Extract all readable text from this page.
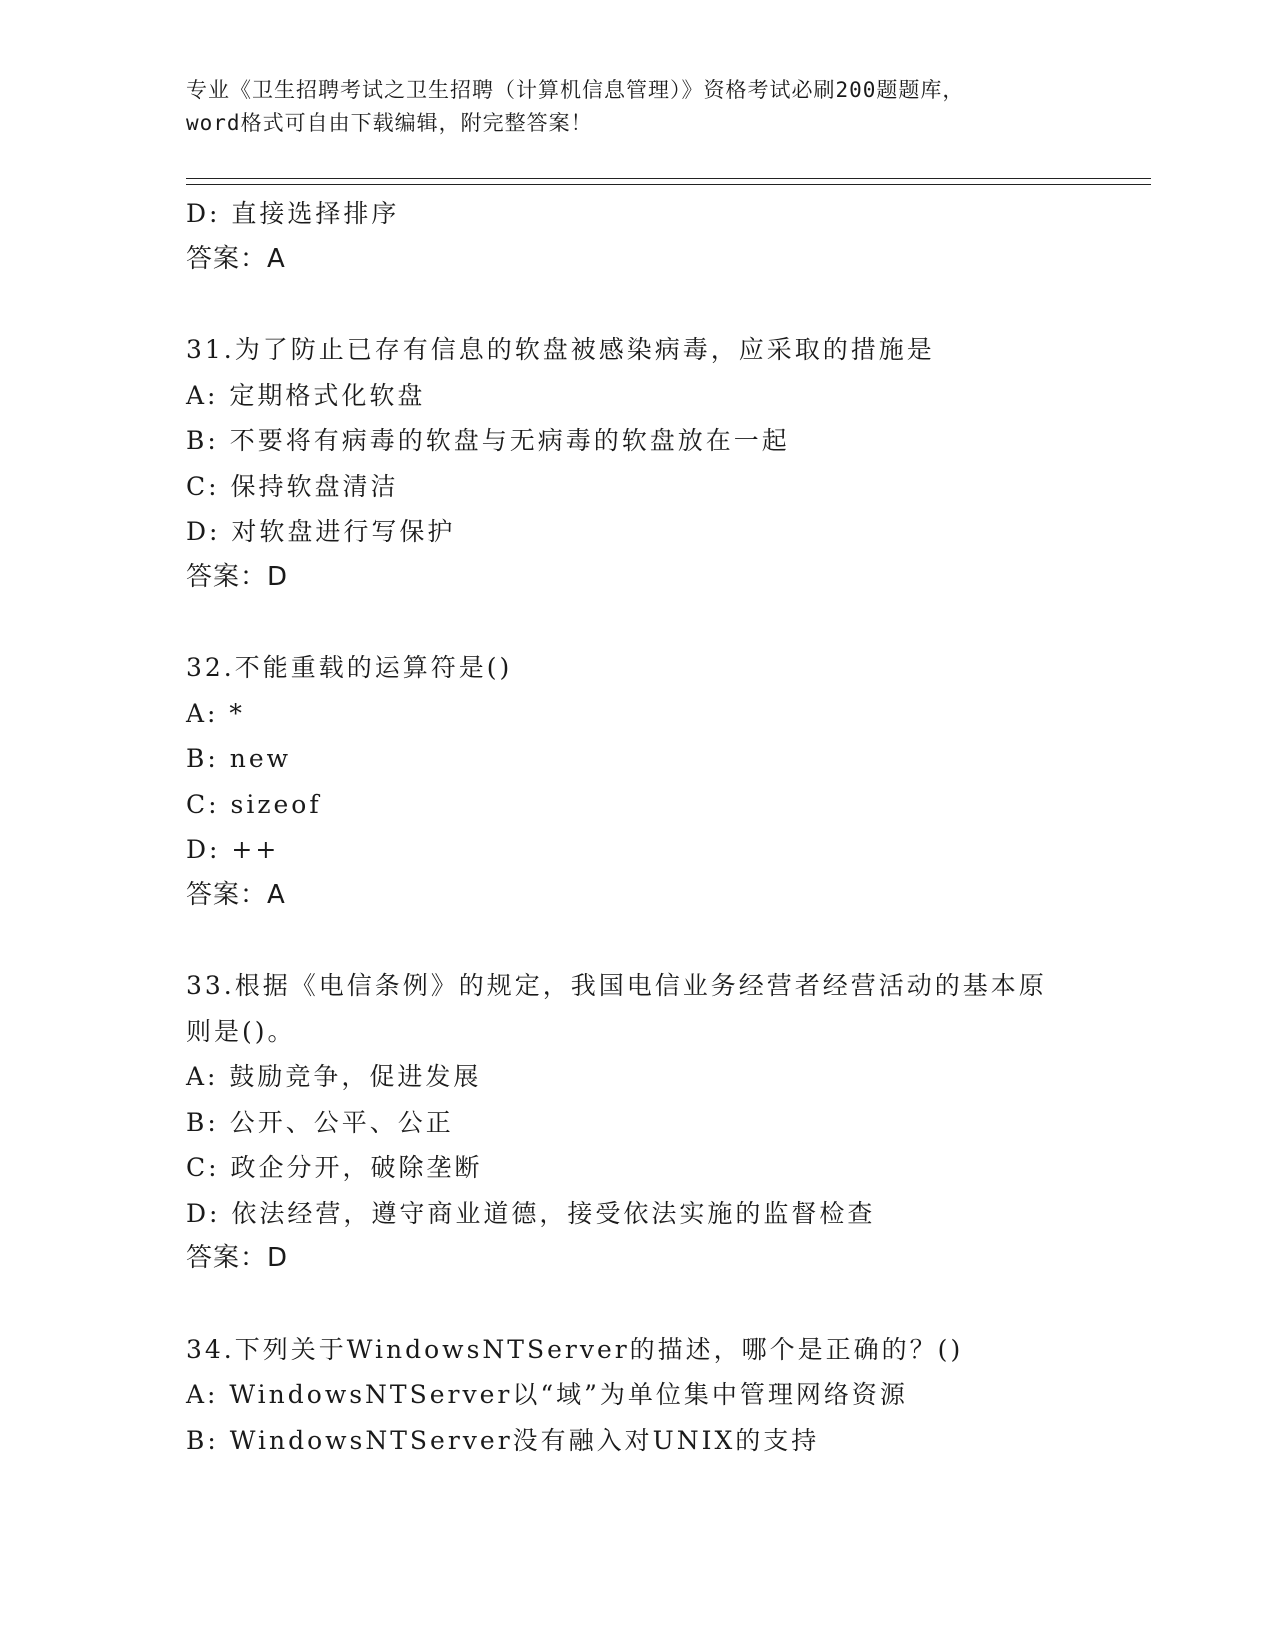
专业《卫生招聘考试之卫生招聘（计算机信息管理）》资格考试必刷200题题库，
word格式可自由下载编辑，附完整答案！
D: 直接选择排序
答案：A
31.为了防止已存有信息的软盘被感染病毒，应采取的措施是
A: 定期格式化软盘
B: 不要将有病毒的软盘与无病毒的软盘放在一起
C: 保持软盘清洁
D: 对软盘进行写保护
答案：D
32.不能重载的运算符是()
A: *
B: new
C: sizeof
D: ++
答案：A
33.根据《电信条例》的规定，我国电信业务经营者经营活动的基本原
则是()。
A: 鼓励竞争，促进发展
B: 公开、公平、公正
C: 政企分开，破除垄断
D: 依法经营，遵守商业道德，接受依法实施的监督检查
答案：D
34.下列关于WindowsNTServer的描述，哪个是正确的？()
A: WindowsNTServer以“域”为单位集中管理网络资源
B: WindowsNTServer没有融入对UNIX的支持
